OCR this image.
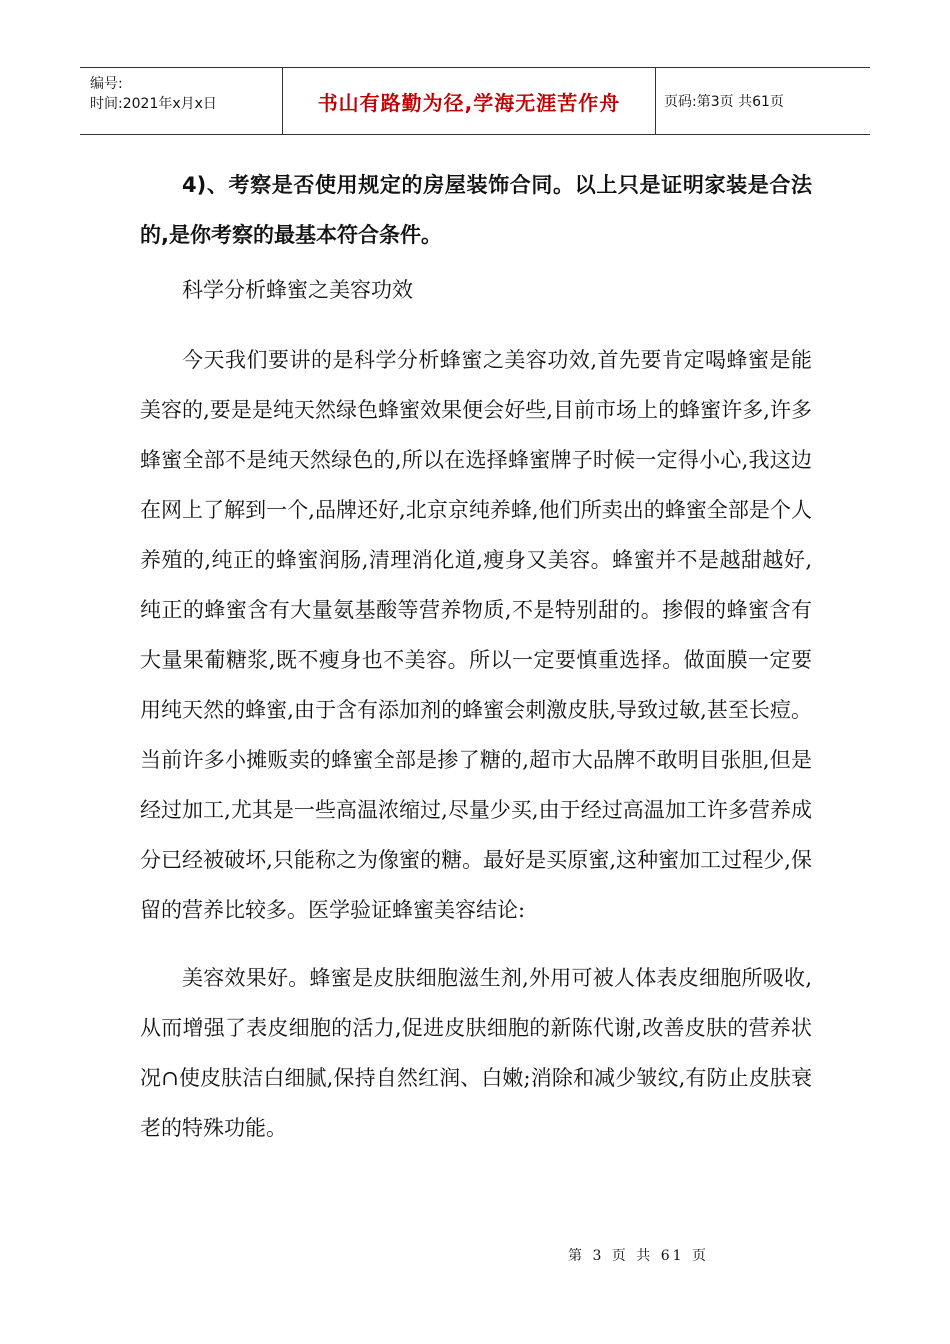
编号:
时间:2021年x月x日	书山有路勤为径,学海无涯苦作舟	页码:第3页 共61页

4)、考察是否使用规定的房屋装饰合同。以上只是证明家装是合法的,是你考察的最基本符合条件。

科学分析蜂蜜之美容功效

今天我们要讲的是科学分析蜂蜜之美容功效,首先要肯定喝蜂蜜是能美容的,要是是纯天然绿色蜂蜜效果便会好些,目前市场上的蜂蜜许多,许多蜂蜜全部不是纯天然绿色的,所以在选择蜂蜜牌子时候一定得小心,我这边在网上了解到一个,品牌还好,北京京纯养蜂,他们所卖出的蜂蜜全部是个人养殖的,纯正的蜂蜜润肠,清理消化道,瘦身又美容。蜂蜜并不是越甜越好,纯正的蜂蜜含有大量氨基酸等营养物质,不是特别甜的。掺假的蜂蜜含有大量果葡糖浆,既不瘦身也不美容。所以一定要慎重选择。做面膜一定要用纯天然的蜂蜜,由于含有添加剂的蜂蜜会刺激皮肤,导致过敏,甚至长痘。当前许多小摊贩卖的蜂蜜全部是掺了糖的,超市大品牌不敢明目张胆,但是经过加工,尤其是一些高温浓缩过,尽量少买,由于经过高温加工许多营养成分已经被破坏,只能称之为像蜜的糖。最好是买原蜜,这种蜜加工过程少,保留的营养比较多。医学验证蜂蜜美容结论:

美容效果好。蜂蜜是皮肤细胞滋生剂,外用可被人体表皮细胞所吸收,从而增强了表皮细胞的活力,促进皮肤细胞的新陈代谢,改善皮肤的营养状况∩使皮肤洁白细腻,保持自然红润、白嫩;消除和减少皱纹,有防止皮肤衰老的特殊功能。

第 3 页 共 61 页
